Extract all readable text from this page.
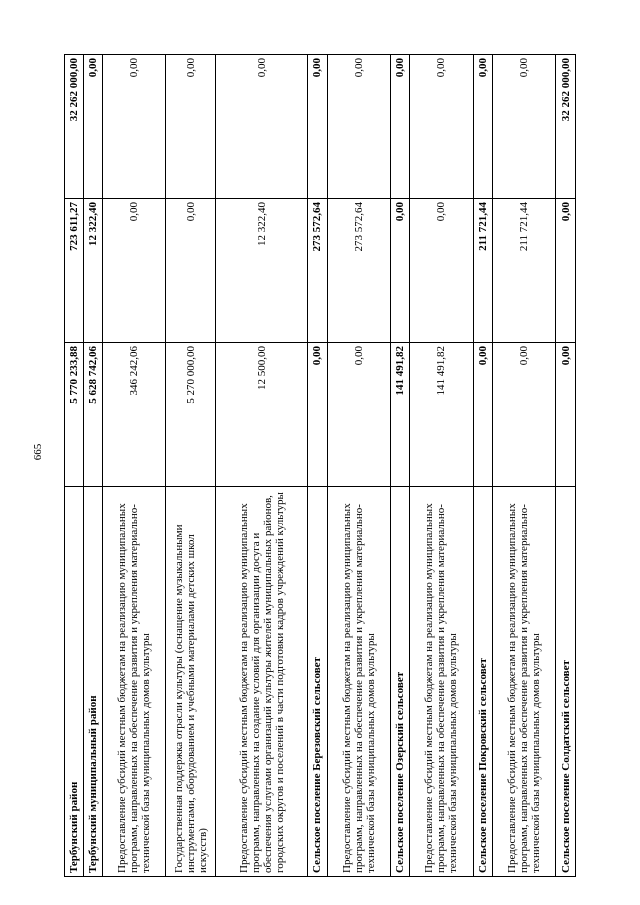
665
Тербунский район	5 770 233,88	723 611,27	32 262 000,00
Тербунский муниципальный район	5 628 742,06	12 322,40	0,00
Предоставление субсидий местным бюджетам на реализацию муниципальных программ, направленных на обеспечение развития и укрепления материально-технической базы муниципальных домов культуры	346 242,06	0,00	0,00
Государственная поддержка отрасли культуры (оснащение музыкальными инструментами, оборудованием и учебными материалами детских школ искусств)	5 270 000,00	0,00	0,00
Предоставление субсидий местным бюджетам на реализацию муниципальных программ, направленных на создание условий для организации досуга и обеспечения услугами организаций культуры жителей муниципальных районов, городских округов и поселений в части подготовки кадров учреждений культуры	12 500,00	12 322,40	0,00
Сельское поселение Березовский сельсовет	0,00	273 572,64	0,00
Предоставление субсидий местным бюджетам на реализацию муниципальных программ, направленных на обеспечение развития и укрепления материально-технической базы муниципальных домов культуры	0,00	273 572,64	0,00
Сельское поселение Озерский сельсовет	141 491,82	0,00	0,00
Предоставление субсидий местным бюджетам на реализацию муниципальных программ, направленных на обеспечение развития и укрепления материально-технической базы муниципальных домов культуры	141 491,82	0,00	0,00
Сельское поселение Покровский сельсовет	0,00	211 721,44	0,00
Предоставление субсидий местным бюджетам на реализацию муниципальных программ, направленных на обеспечение развития и укрепления материально-технической базы муниципальных домов культуры	0,00	211 721,44	0,00
Сельское поселение Солдатский сельсовет	0,00	0,00	32 262 000,00
